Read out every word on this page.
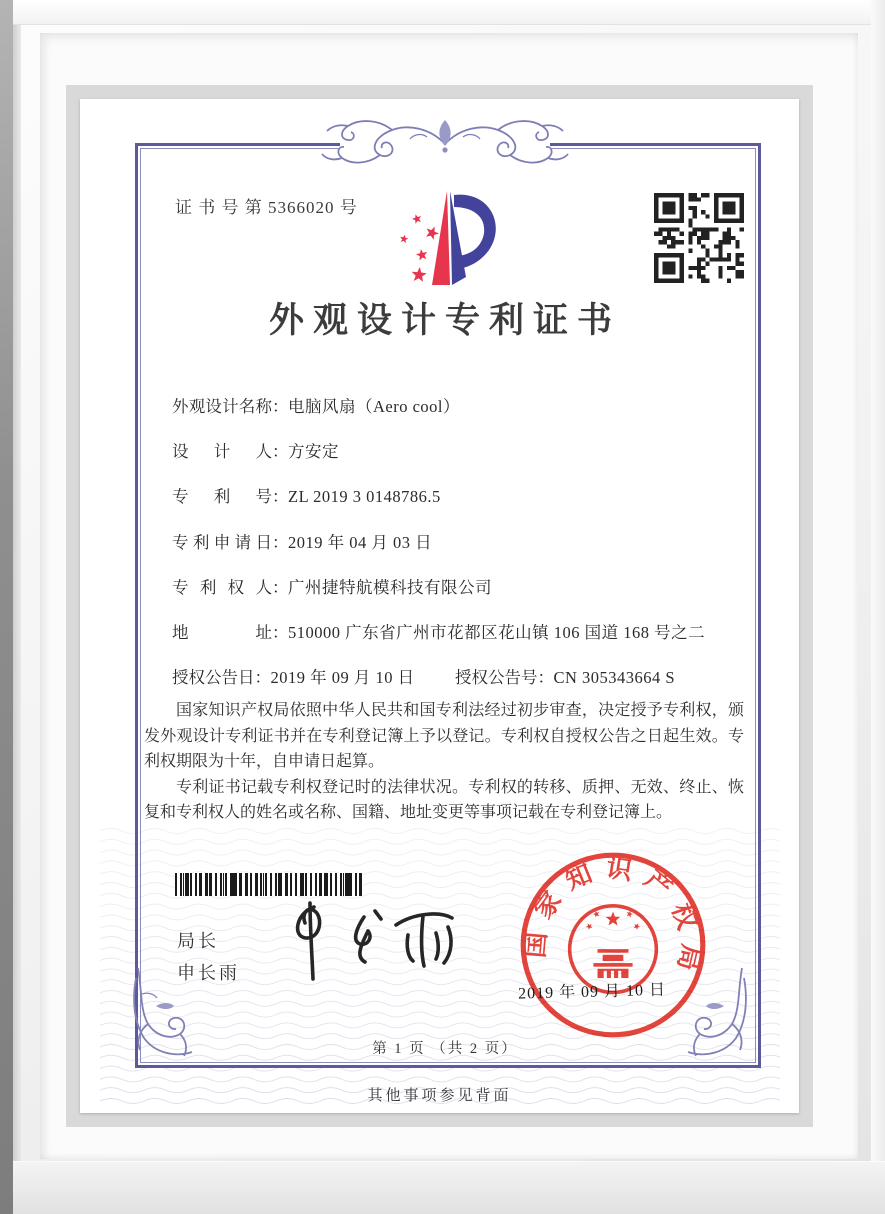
证 书 号 第 5366020 号
外观设计专利证书
外观设计名称：电脑风扇（Aero cool）
设计人：方安定
专利号：ZL 2019 3 0148786.5
专利申请日：2019 年 04 月 03 日
专利权人：广州捷特航模科技有限公司
地址：510000 广东省广州市花都区花山镇 106 国道 168 号之二
授权公告日：2019 年 09 月 10 日 授权公告号：CN 305343664 S

国家知识产权局依照中华人民共和国专利法经过初步审查，决定授予专利权，颁发外观设计专利证书并在专利登记簿上予以登记。专利权自授权公告之日起生效。专利权期限为十年，自申请日起算。

专利证书记载专利权登记时的法律状况。专利权的转移、质押、无效、终止、恢复和专利权人的姓名或名称、国籍、地址变更等事项记载在专利登记簿上。

局长
申长雨
国家知识产权局
2019 年 09 月 10 日
第 1 页 （共 2 页）
其他事项参见背面
